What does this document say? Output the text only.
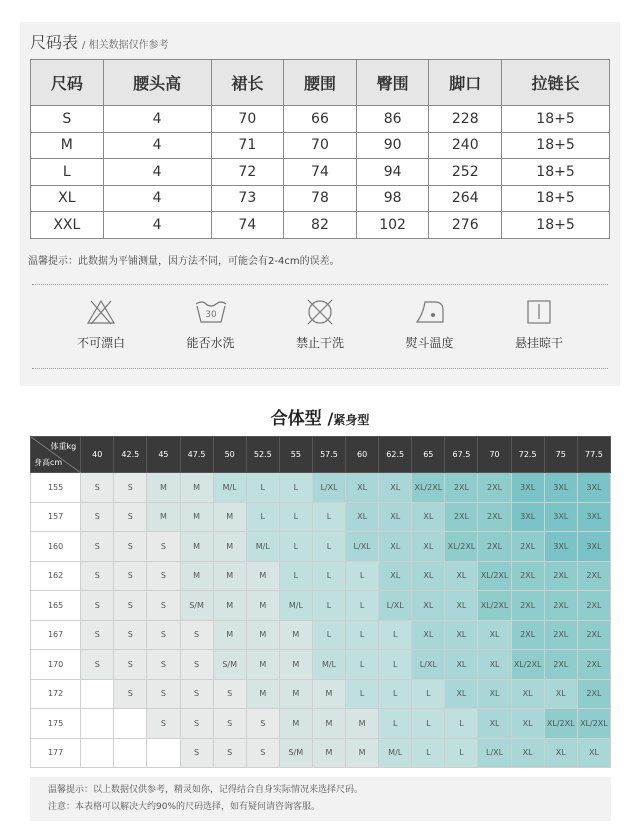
尺码表 / 相关数据仅作参考
尺码	腰头高	裙长	腰围	臀围	脚口	拉链长
S	4	70	66	86	228	18+5
M	4	71	70	90	240	18+5
L	4	72	74	94	252	18+5
XL	4	73	78	98	264	18+5
XXL	4	74	82	102	276	18+5
温馨提示：此数据为平铺测量，因方法不同，可能会有2-4cm的误差。
不可漂白
30
能否水洗	禁止干洗	熨斗温度	悬挂晾干
合体型 /紧身型
体重kg
身高cm	40	42.5	45	47.5	50	52.5	55	57.5	60	62.5	65	67.5	70	72.5	75	77.5
155	S	S	M	M	M/L	L	L	L/XL	XL	XL	XL/2XL	2XL	2XL	3XL	3XL	3XL
157	S	S	M	M	M	L	L	L	XL	XL	XL	2XL	2XL	3XL	3XL	3XL
160	S	S	S	M	M	M/L	L	L	L/XL	XL	XL	XL/2XL	2XL	2XL	3XL	3XL
162	S	S	S	M	M	M	L	L	L	XL	XL	XL	XL/2XL	2XL	2XL	2XL
165	S	S	S	S/M	M	M	M/L	L	L	L/XL	XL	XL	XL/2XL	2XL	2XL	2XL
167	S	S	S	S	M	M	M	L	L	L	XL	XL	XL	2XL	2XL	2XL
170	S	S	S	S	S/M	M	M	M/L	L	L	L/XL	XL	XL	XL/2XL	2XL	2XL
172		S	S	S	S	M	M	M	L	L	L	XL	XL	XL	XL	2XL
175			S	S	S	S	M	M	M	L	L	L	XL	XL	XL/2XL	XL/2XL
177				S	S	S	S/M	M	M	M/L	L	L	L/XL	XL	XL	XL
温馨提示：以上数据仅供参考，精灵如你，记得结合自身实际情况来选择尺码。
注意：本表格可以解决大约90%的尺码选择，如有疑问请咨询客服。
